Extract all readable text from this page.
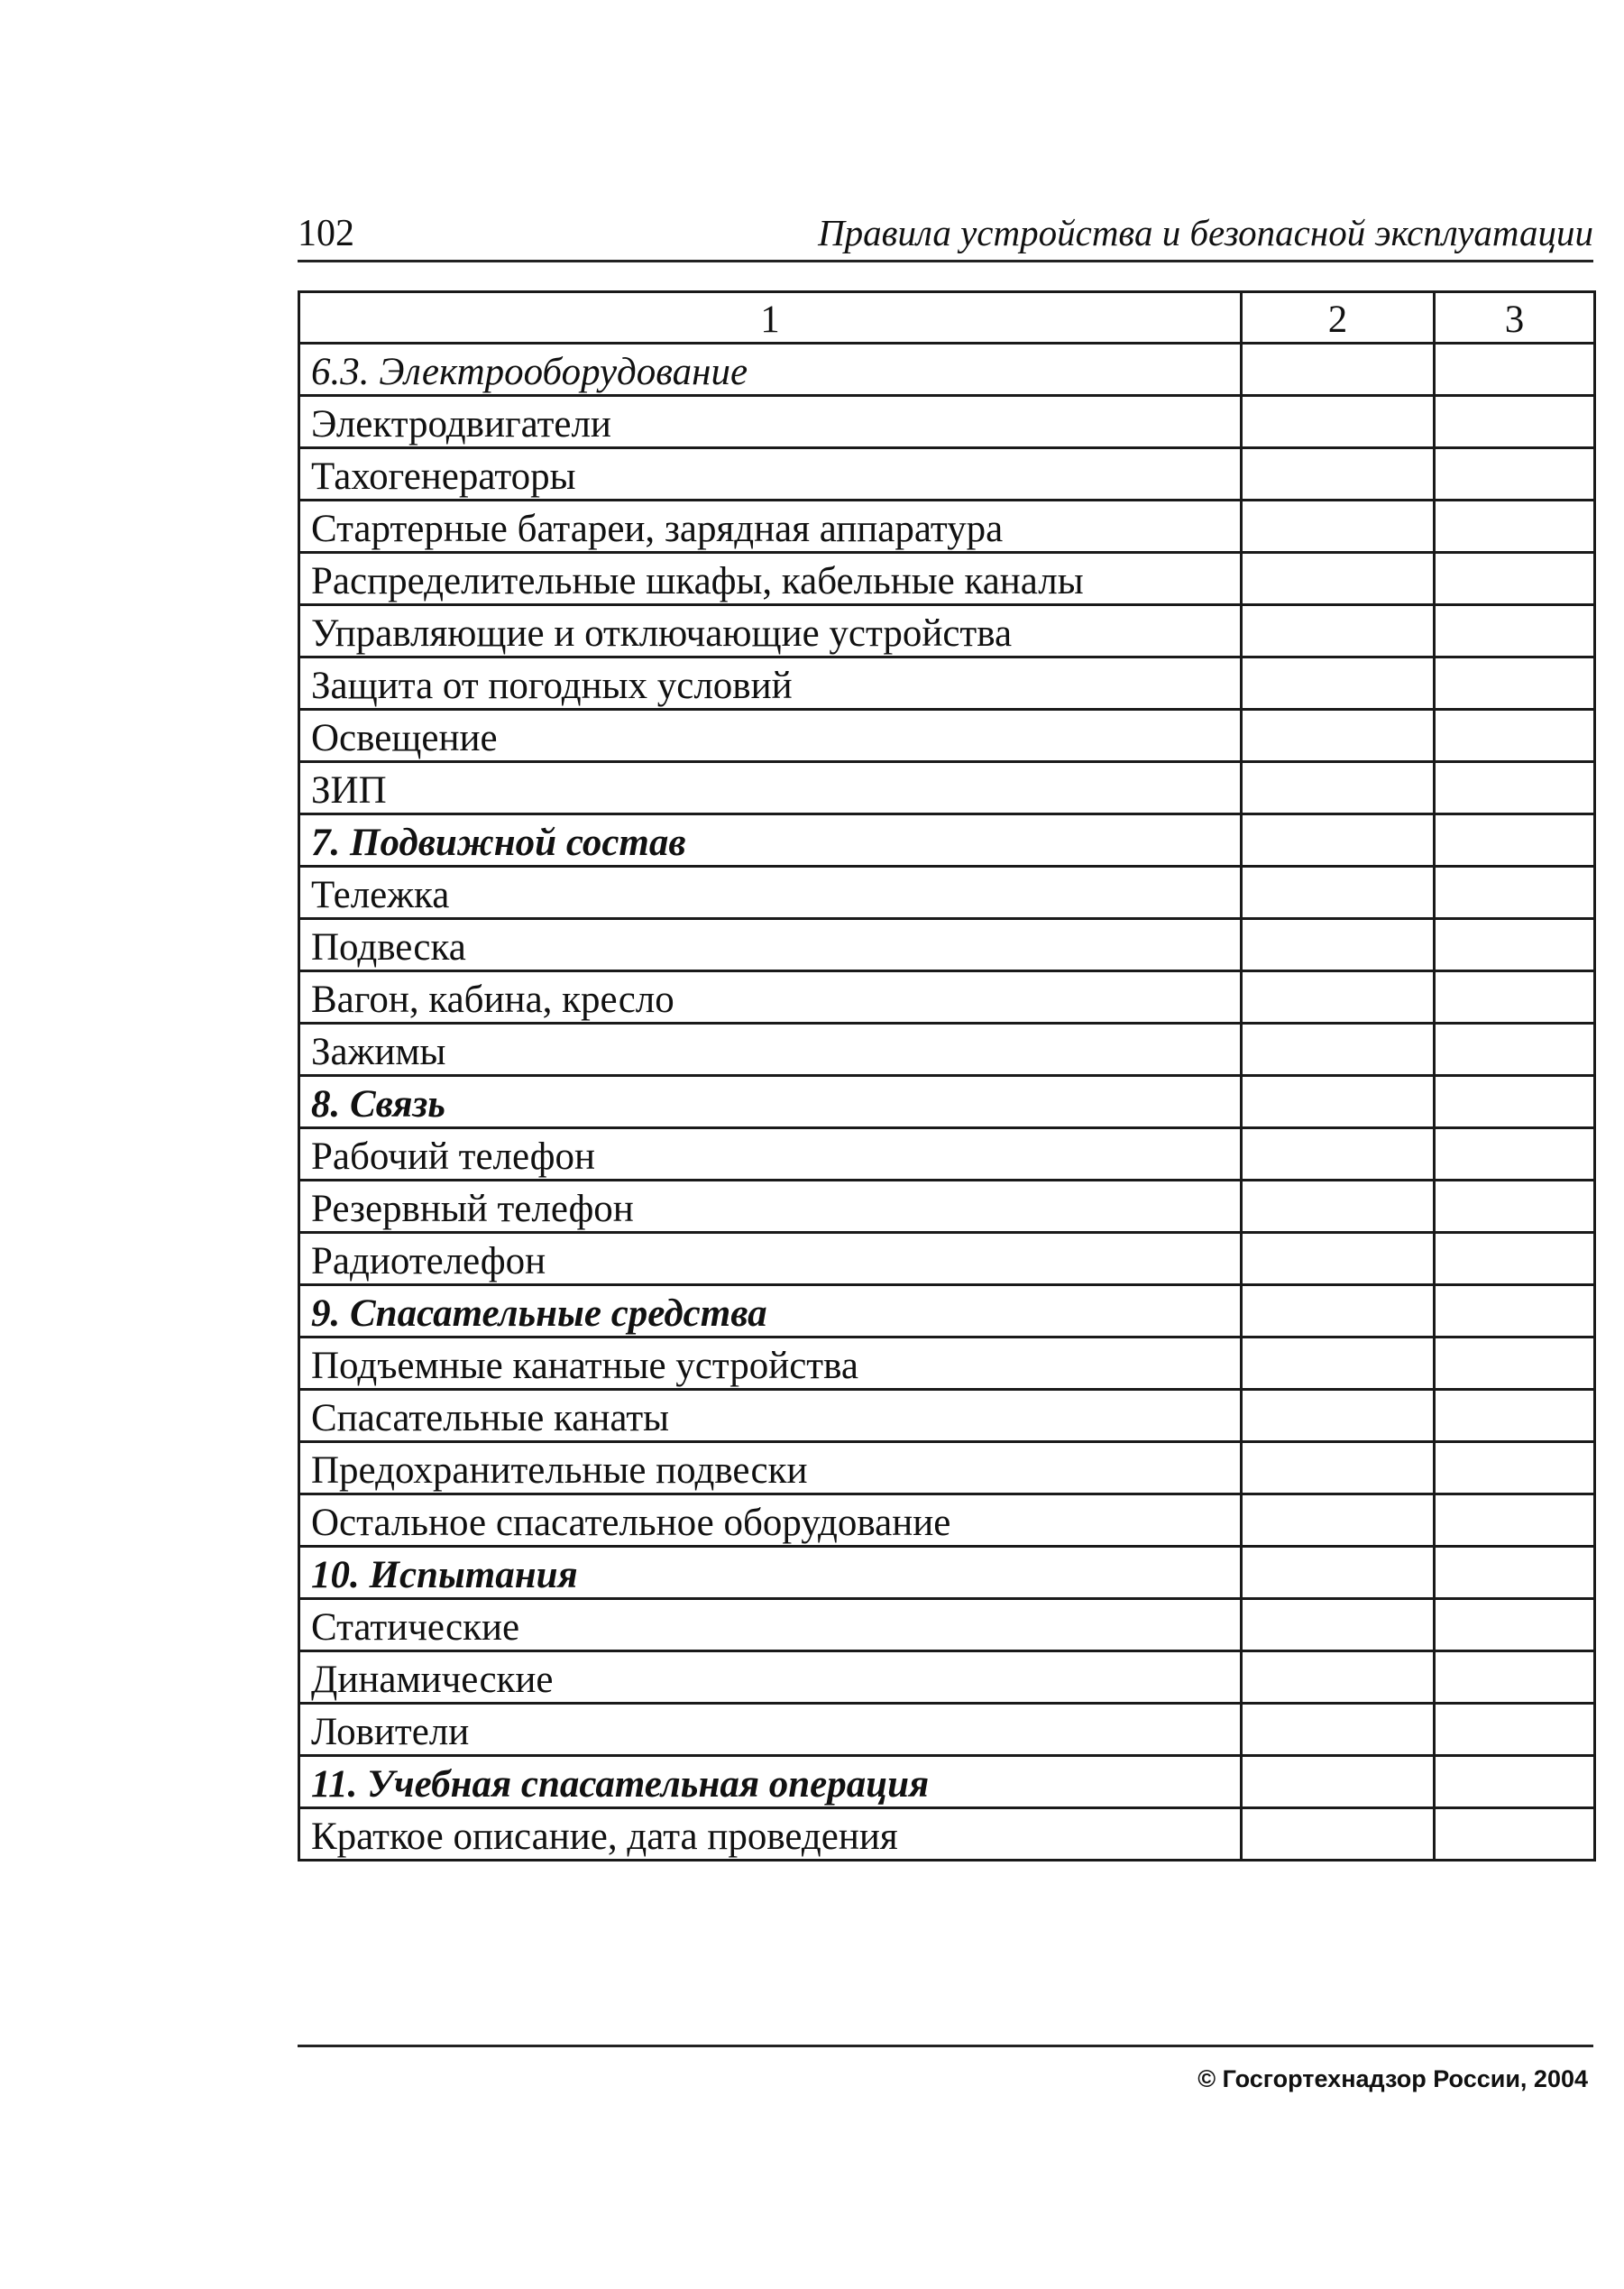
102	Правила устройства и безопасной эксплуатации
1	2	3
6.3. Электрооборудование		
Электродвигатели		
Тахогенераторы		
Стартерные батареи, зарядная аппаратура		
Распределительные шкафы, кабельные каналы		
Управляющие и отключающие устройства		
Защита от погодных условий		
Освещение		
ЗИП		
7. Подвижной состав		
Тележка		
Подвеска		
Вагон, кабина, кресло		
Зажимы		
8. Связь		
Рабочий телефон		
Резервный телефон		
Радиотелефон		
9. Спасательные средства		
Подъемные канатные устройства		
Спасательные канаты		
Предохранительные подвески		
Остальное спасательное оборудование		
10. Испытания		
Статические		
Динамические		
Ловители		
11. Учебная спасательная операция		
Краткое описание, дата проведения		
© Госгортехнадзор России, 2004
